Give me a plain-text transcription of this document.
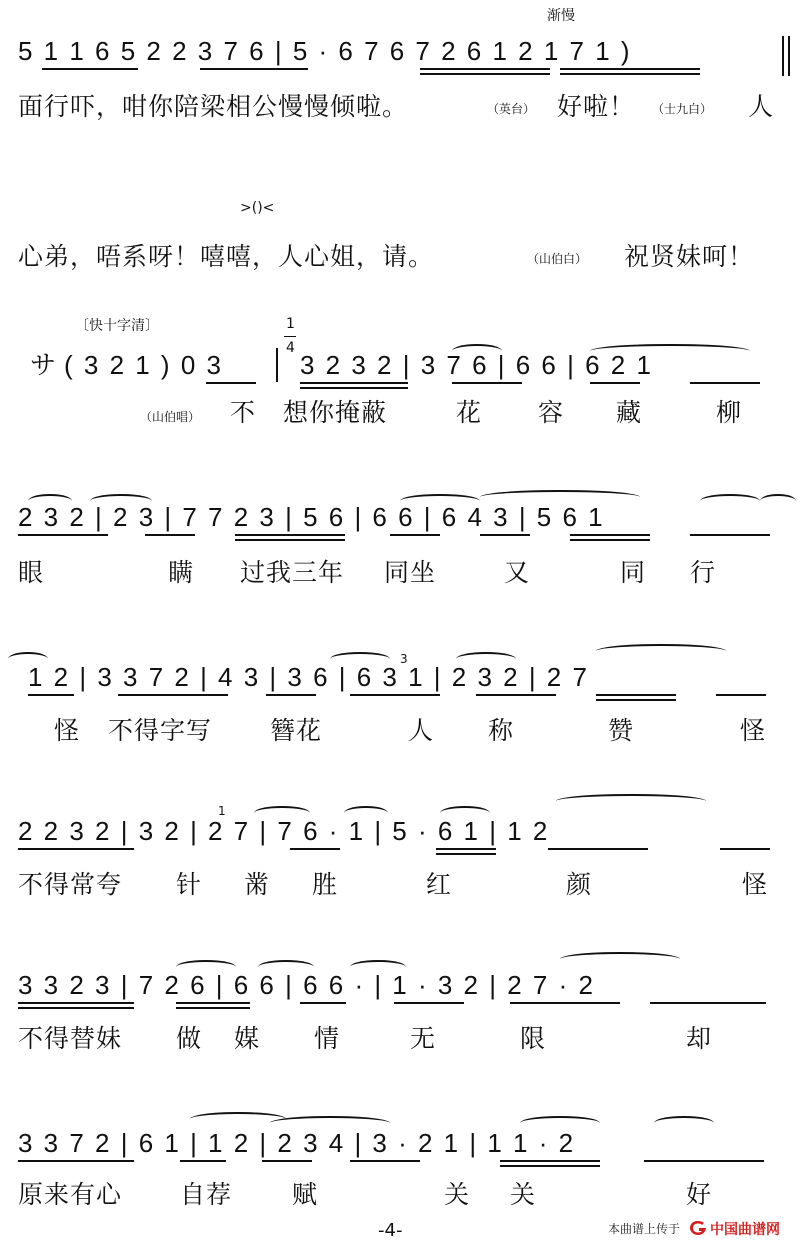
渐慢
5 1 1 6 5 2 2 3 7 6 | 5 · 6 7 6 7 2 6 1 2 1 7 1 )
面行吓，咁你陪梁相公慢慢倾啦。	（英台） 好啦！ （士九白） 人
>()<
心弟，唔系呀！嘻嘻，人心姐，请。	（山伯白） 祝贤妹呵！
〔快十字清〕
サ ( 3 2 1 ) 0 3
1
4
3 2 3 2 | 3 7 6 | 6 6 | 6 2 1
（山伯唱） 不 想你掩蔽	花 容 藏	柳
2 3 2 | 2 3 | 7 7 2 3 | 5 6 | 6 6 | 6 4 3 | 5 6 1
眼	瞒 过我三年 同坐	又	同 行
3
1 2 | 3 3 7 2 | 4 3 | 3 6 | 6 3 1 | 2 3 2 | 2 7
怪 不得字写 簪花	人 称	赞	怪
1
2 2 3 2 | 3 2 | 2 7 | 7 6 · 1 | 5 · 6 1 | 1 2
不得常夸 针 黹 胜	红	颜	怪
3 3 2 3 | 7 2 6 | 6 6 | 6 6 · | 1 · 3 2 | 2 7 · 2
不得替妹 做 媒 情	无	限	却
3 3 7 2 | 6 1 | 1 2 | 2 3 4 | 3 · 2 1 | 1 1 · 2
原来有心 自荐 赋	关 关	好
-4-	本曲谱上传于 中国曲谱网
